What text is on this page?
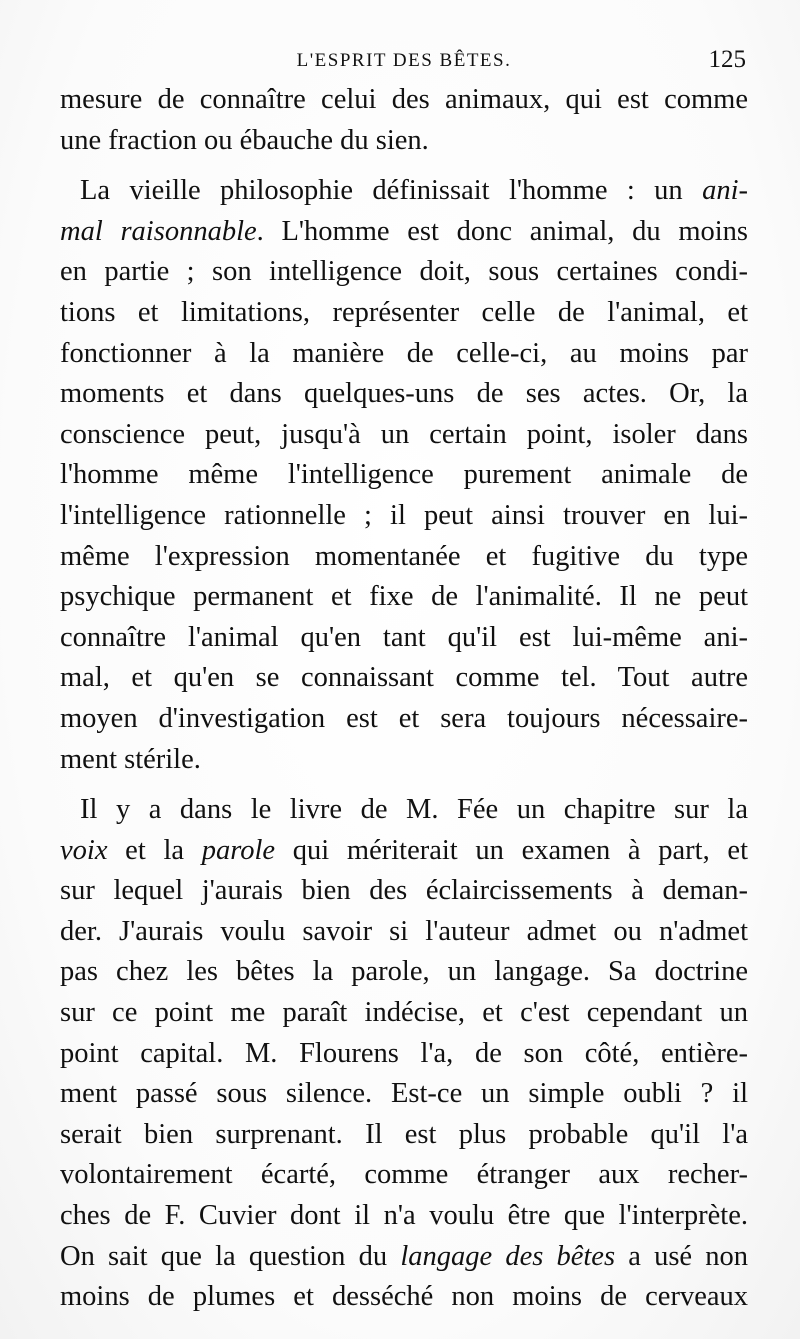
L'ESPRIT DES BÊTES.	125
mesure de connaître celui des animaux, qui est comme
une fraction ou ébauche du sien.
La vieille philosophie définissait l'homme : un ani-
mal raisonnable. L'homme est donc animal, du moins
en partie ; son intelligence doit, sous certaines condi-
tions et limitations, représenter celle de l'animal, et
fonctionner à la manière de celle-ci, au moins par
moments et dans quelques-uns de ses actes. Or, la
conscience peut, jusqu'à un certain point, isoler dans
l'homme même l'intelligence purement animale de
l'intelligence rationnelle ; il peut ainsi trouver en lui-
même l'expression momentanée et fugitive du type
psychique permanent et fixe de l'animalité. Il ne peut
connaître l'animal qu'en tant qu'il est lui-même ani-
mal, et qu'en se connaissant comme tel. Tout autre
moyen d'investigation est et sera toujours nécessaire-
ment stérile.
Il y a dans le livre de M. Fée un chapitre sur la
voix et la parole qui mériterait un examen à part, et
sur lequel j'aurais bien des éclaircissements à deman-
der. J'aurais voulu savoir si l'auteur admet ou n'admet
pas chez les bêtes la parole, un langage. Sa doctrine
sur ce point me paraît indécise, et c'est cependant un
point capital. M. Flourens l'a, de son côté, entière-
ment passé sous silence. Est-ce un simple oubli ? il
serait bien surprenant. Il est plus probable qu'il l'a
volontairement écarté, comme étranger aux recher-
ches de F. Cuvier dont il n'a voulu être que l'interprète.
On sait que la question du langage des bêtes a usé non
moins de plumes et desséché non moins de cerveaux
